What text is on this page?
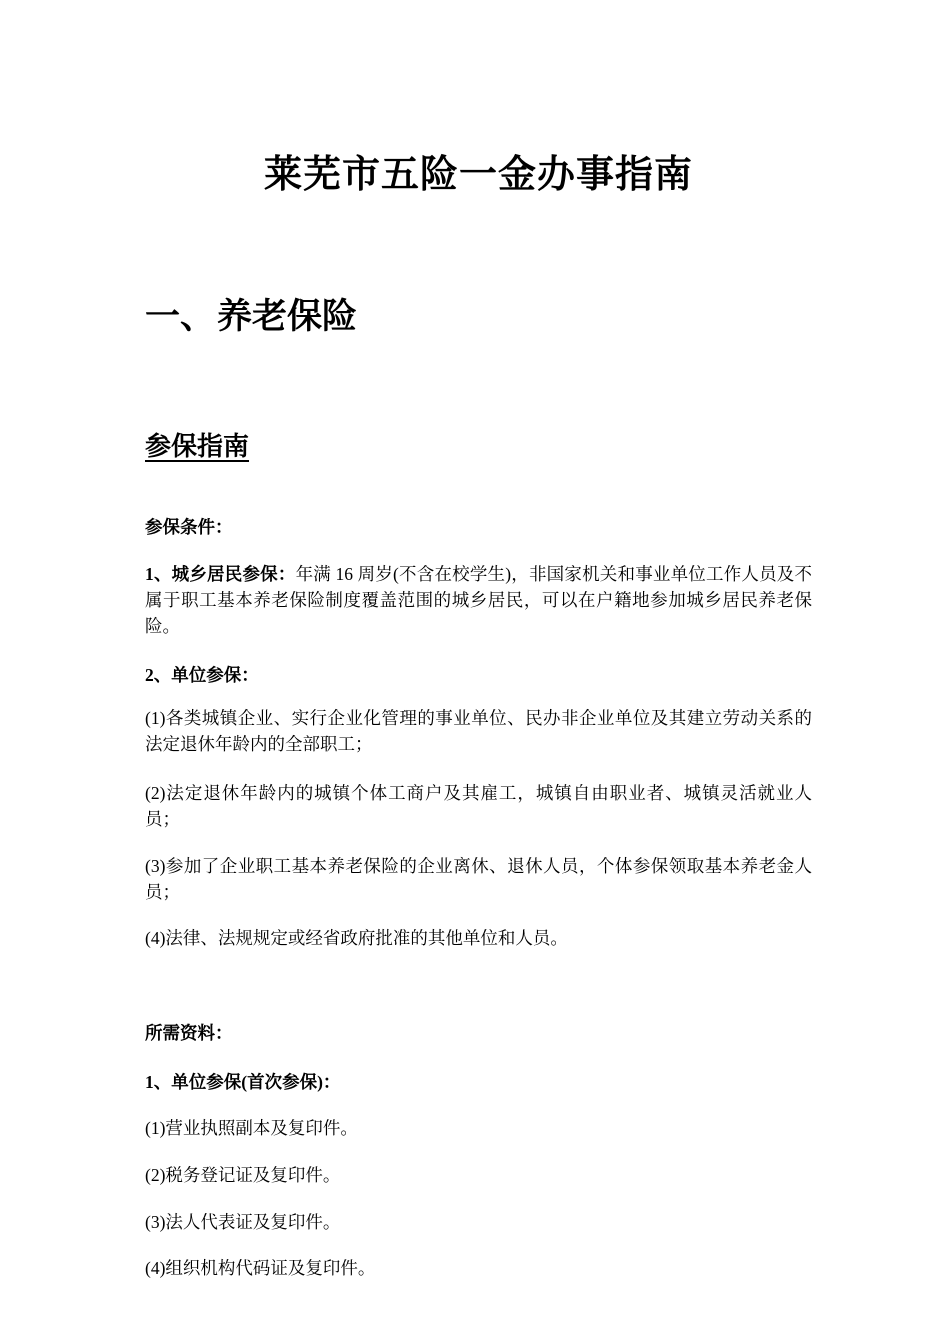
莱芜市五险一金办事指南
一、养老保险
参保指南
参保条件：

1、城乡居民参保：年满 16 周岁(不含在校学生)，非国家机关和事业单位工作人员及不属于职工基本养老保险制度覆盖范围的城乡居民，可以在户籍地参加城乡居民养老保险。

2、单位参保：

(1)各类城镇企业、实行企业化管理的事业单位、民办非企业单位及其建立劳动关系的法定退休年龄内的全部职工；

(2)法定退休年龄内的城镇个体工商户及其雇工，城镇自由职业者、城镇灵活就业人员；

(3)参加了企业职工基本养老保险的企业离休、退休人员，个体参保领取基本养老金人员；

(4)法律、法规规定或经省政府批准的其他单位和人员。

所需资料：
1、单位参保(首次参保)：

(1)营业执照副本及复印件。

(2)税务登记证及复印件。

(3)法人代表证及复印件。

(4)组织机构代码证及复印件。
